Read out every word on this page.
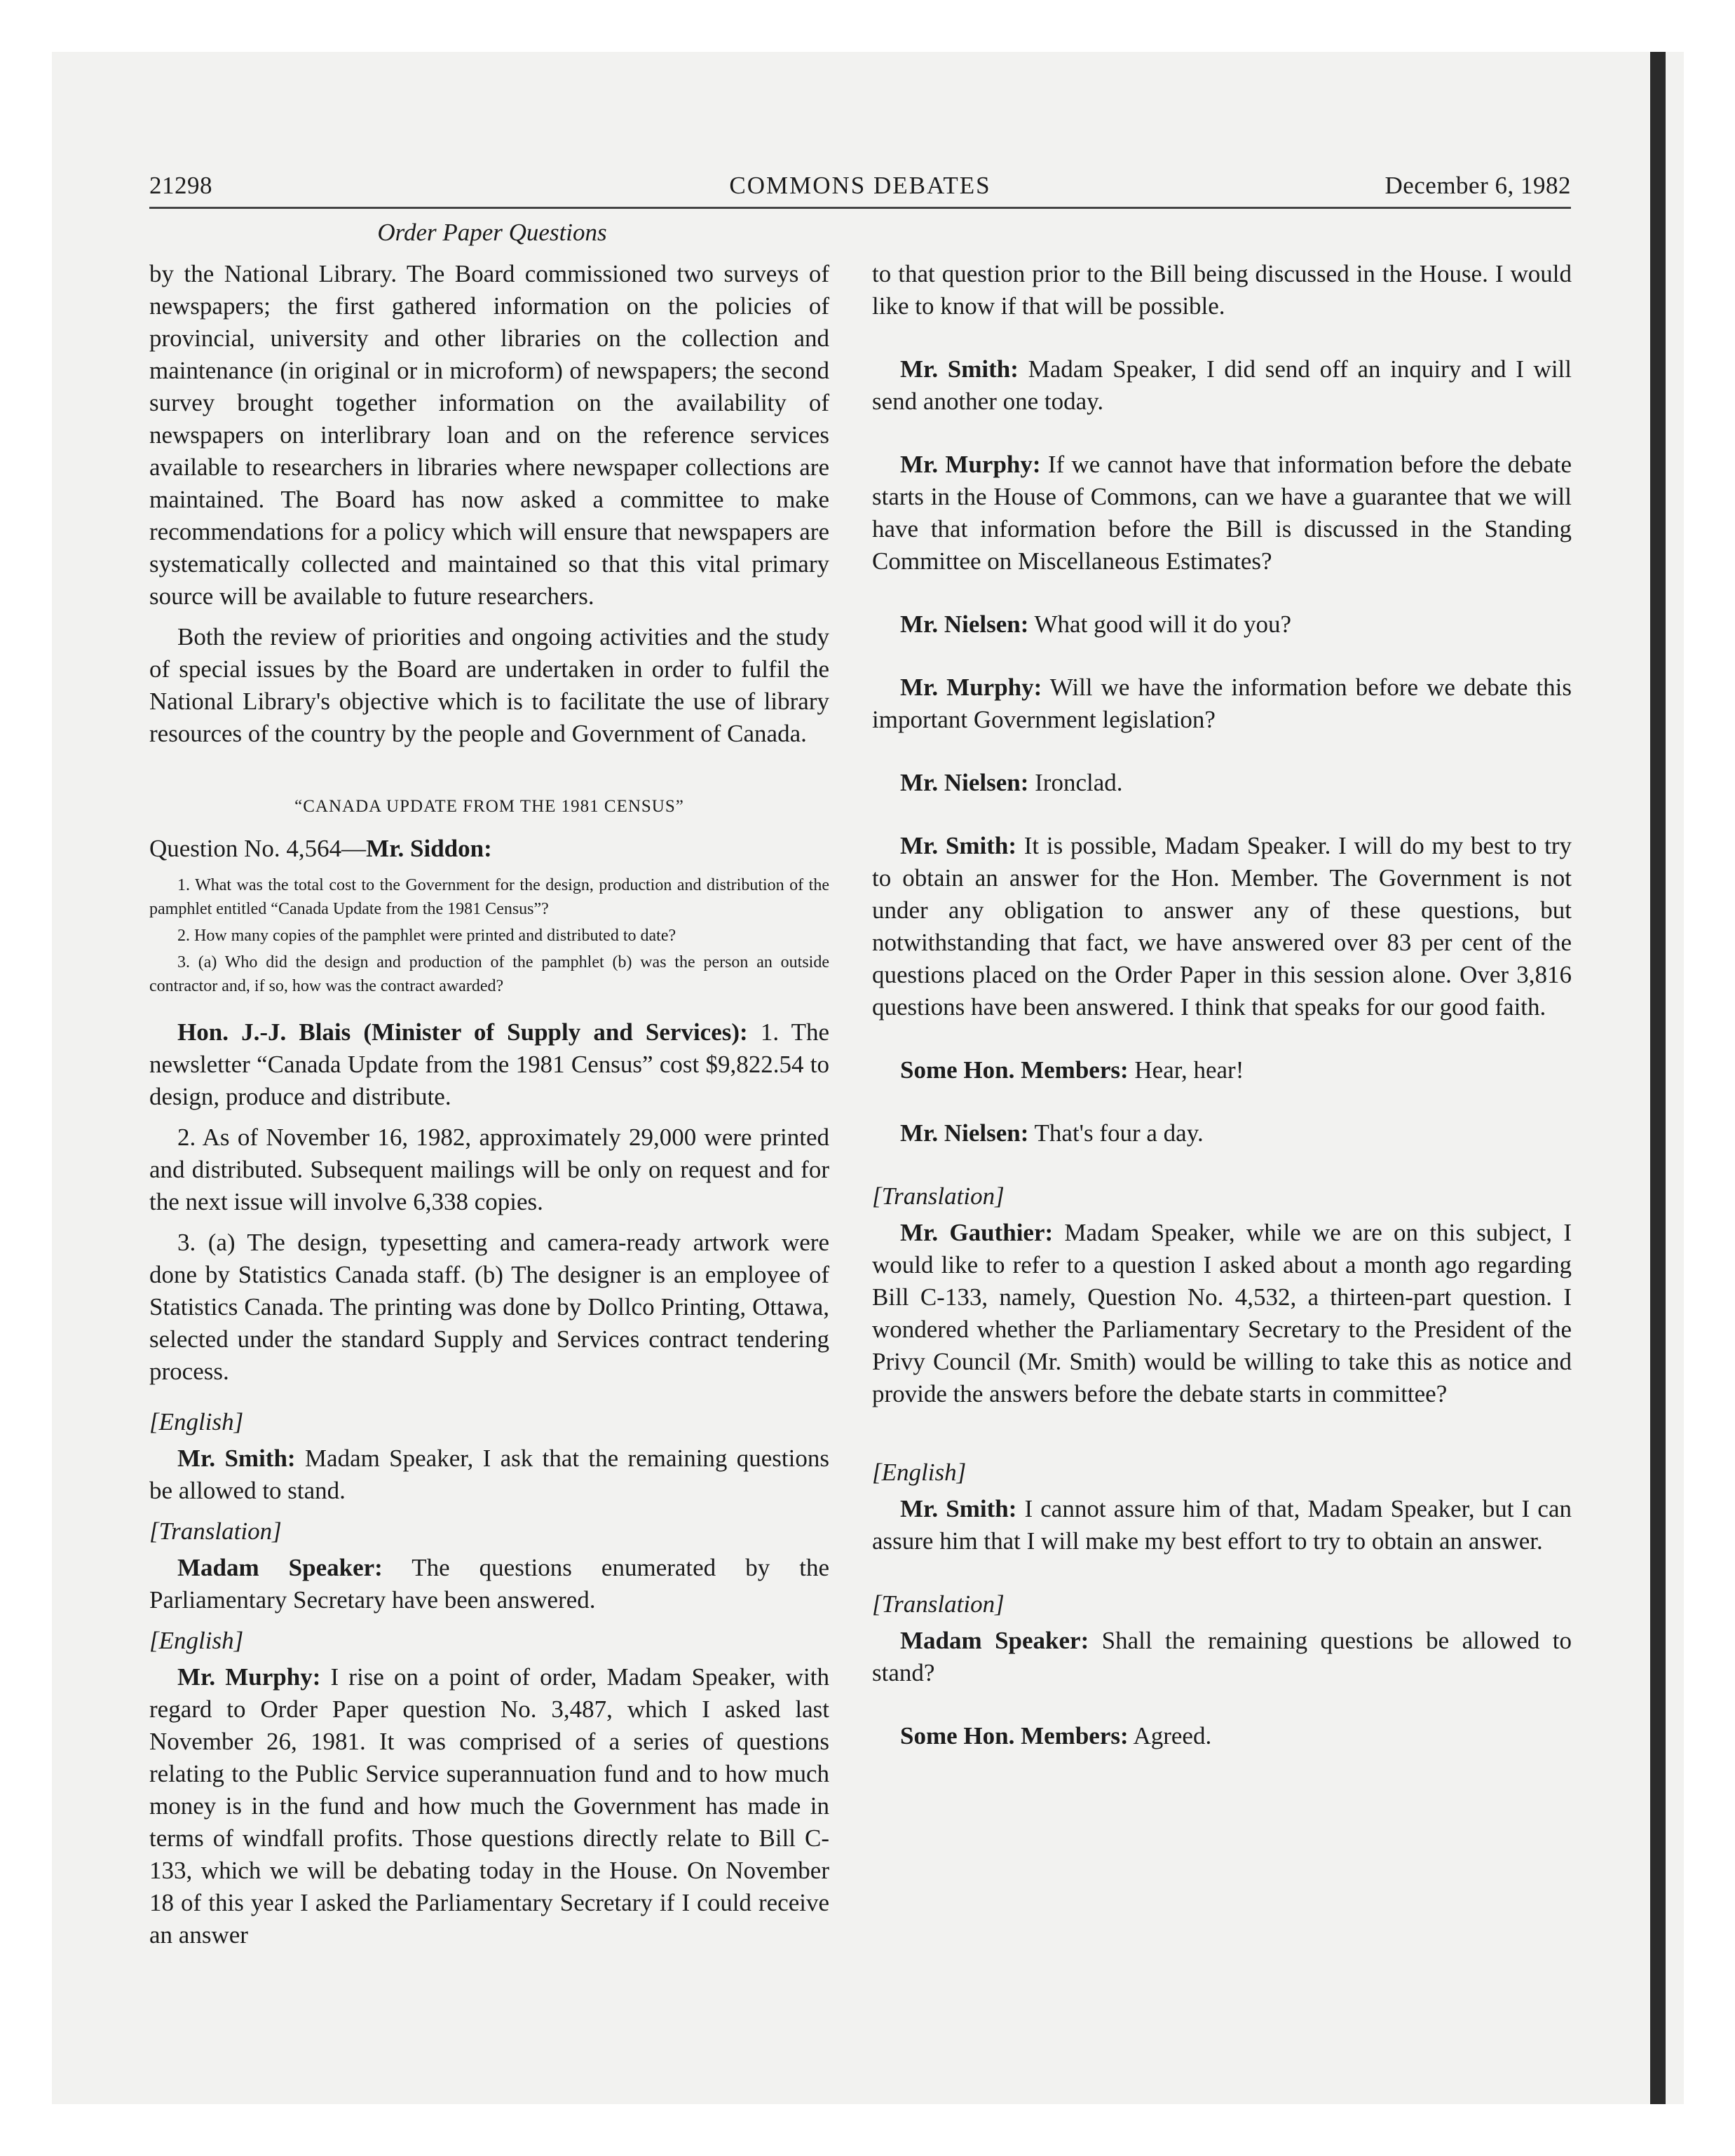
21298	COMMONS DEBATES	December 6, 1982
Order Paper Questions

by the National Library. The Board commissioned two surveys of newspapers; the first gathered information on the policies of provincial, university and other libraries on the collection and maintenance (in original or in microform) of newspapers; the second survey brought together information on the availability of newspapers on interlibrary loan and on the reference services available to researchers in libraries where newspaper collections are maintained. The Board has now asked a committee to make recommendations for a policy which will ensure that newspapers are systematically collected and maintained so that this vital primary source will be available to future researchers.

Both the review of priorities and ongoing activities and the study of special issues by the Board are undertaken in order to fulfil the National Library's objective which is to facilitate the use of library resources of the country by the people and Government of Canada.

“CANADA UPDATE FROM THE 1981 CENSUS”

Question No. 4,564—Mr. Siddon:

1. What was the total cost to the Government for the design, production and distribution of the pamphlet entitled “Canada Update from the 1981 Census”?

2. How many copies of the pamphlet were printed and distributed to date?

3. (a) Who did the design and production of the pamphlet (b) was the person an outside contractor and, if so, how was the contract awarded?

Hon. J.-J. Blais (Minister of Supply and Services): 1. The newsletter “Canada Update from the 1981 Census” cost $9,822.54 to design, produce and distribute.

2. As of November 16, 1982, approximately 29,000 were printed and distributed. Subsequent mailings will be only on request and for the next issue will involve 6,338 copies.

3. (a) The design, typesetting and camera-ready artwork were done by Statistics Canada staff. (b) The designer is an employee of Statistics Canada. The printing was done by Dollco Printing, Ottawa, selected under the standard Supply and Services contract tendering process.

[English]

Mr. Smith: Madam Speaker, I ask that the remaining questions be allowed to stand.

[Translation]

Madam Speaker: The questions enumerated by the Parliamentary Secretary have been answered.

[English]

Mr. Murphy: I rise on a point of order, Madam Speaker, with regard to Order Paper question No. 3,487, which I asked last November 26, 1981. It was comprised of a series of questions relating to the Public Service superannuation fund and to how much money is in the fund and how much the Government has made in terms of windfall profits. Those questions directly relate to Bill C-133, which we will be debating today in the House. On November 18 of this year I asked the Parliamentary Secretary if I could receive an answer

to that question prior to the Bill being discussed in the House. I would like to know if that will be possible.

Mr. Smith: Madam Speaker, I did send off an inquiry and I will send another one today.

Mr. Murphy: If we cannot have that information before the debate starts in the House of Commons, can we have a guarantee that we will have that information before the Bill is discussed in the Standing Committee on Miscellaneous Estimates?

Mr. Nielsen: What good will it do you?

Mr. Murphy: Will we have the information before we debate this important Government legislation?

Mr. Nielsen: Ironclad.

Mr. Smith: It is possible, Madam Speaker. I will do my best to try to obtain an answer for the Hon. Member. The Government is not under any obligation to answer any of these questions, but notwithstanding that fact, we have answered over 83 per cent of the questions placed on the Order Paper in this session alone. Over 3,816 questions have been answered. I think that speaks for our good faith.

Some Hon. Members: Hear, hear!

Mr. Nielsen: That's four a day.

[Translation]

Mr. Gauthier: Madam Speaker, while we are on this subject, I would like to refer to a question I asked about a month ago regarding Bill C-133, namely, Question No. 4,532, a thirteen-part question. I wondered whether the Parliamentary Secretary to the President of the Privy Council (Mr. Smith) would be willing to take this as notice and provide the answers before the debate starts in committee?

[English]

Mr. Smith: I cannot assure him of that, Madam Speaker, but I can assure him that I will make my best effort to try to obtain an answer.

[Translation]

Madam Speaker: Shall the remaining questions be allowed to stand?

Some Hon. Members: Agreed.
